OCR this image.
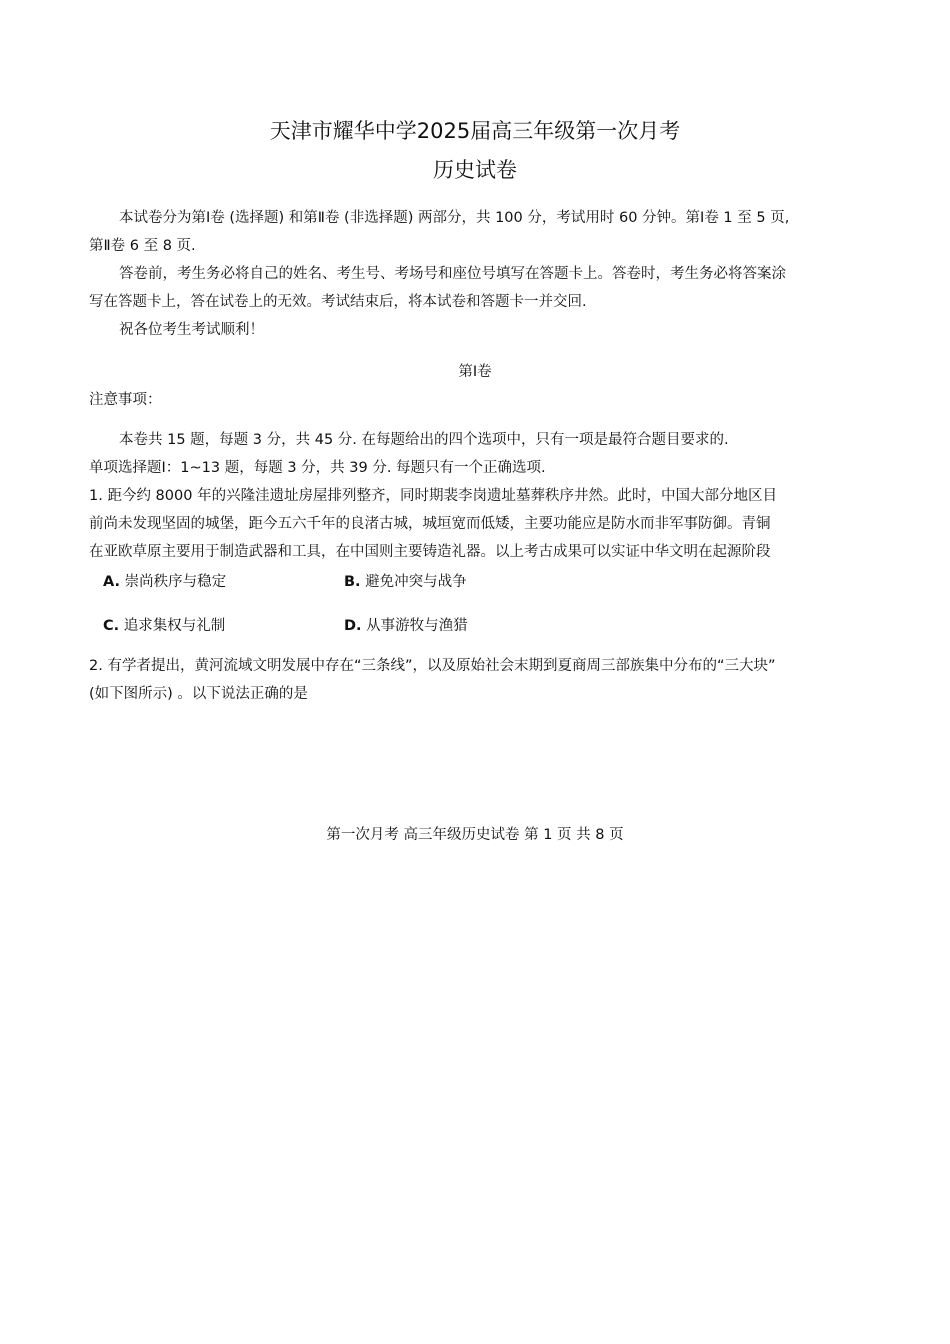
天津市耀华中学2025届高三年级第一次月考
历史试卷
本试卷分为第Ⅰ卷 (选择题) 和第Ⅱ卷 (非选择题) 两部分，共 100 分，考试用时 60 分钟。第Ⅰ卷 1 至 5 页,
第Ⅱ卷 6 至 8 页.
答卷前，考生务必将自己的姓名、考生号、考场号和座位号填写在答题卡上。答卷时，考生务必将答案涂
写在答题卡上，答在试卷上的无效。考试结束后，将本试卷和答题卡一并交回.
祝各位考生考试顺利！
第Ⅰ卷
注意事项：
本卷共 15 题，每题 3 分，共 45 分. 在每题给出的四个选项中，只有一项是最符合题目要求的.
单项选择题Ⅰ：1~13 题，每题 3 分，共 39 分. 每题只有一个正确选项.
1. 距今约 8000 年的兴隆洼遗址房屋排列整齐，同时期裴李岗遗址墓葬秩序井然。此时，中国大部分地区目
前尚未发现坚固的城堡，距今五六千年的良渚古城，城垣宽而低矮，主要功能应是防水而非军事防御。青铜
在亚欧草原主要用于制造武器和工具，在中国则主要铸造礼器。以上考古成果可以实证中华文明在起源阶段
A. 崇尚秩序与稳定	B. 避免冲突与战争
C. 追求集权与礼制	D. 从事游牧与渔猎
2. 有学者提出，黄河流域文明发展中存在“三条线”，以及原始社会末期到夏商周三部族集中分布的“三大块”
(如下图所示) 。以下说法正确的是
第一次月考 高三年级历史试卷 第 1 页 共 8 页
